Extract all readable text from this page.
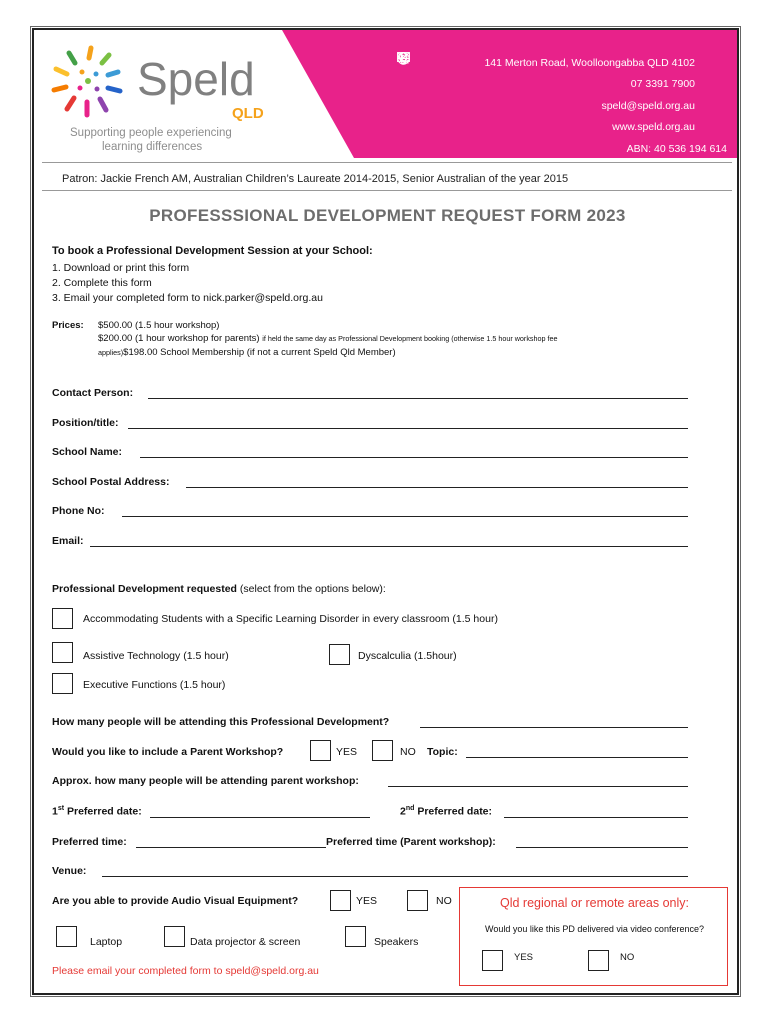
Speld
QLD
Supporting people experiencing
learning differences
141 Merton Road, Woolloongabba QLD 4102
07 3391 7900
speld@speld.org.au
www.speld.org.au
ABN: 40 536 194 614
Patron: Jackie French AM, Australian Children’s Laureate 2014-2015, Senior Australian of the year 2015
PROFESSSIONAL DEVELOPMENT REQUEST FORM 2023
To book a Professional Development Session at your School:
1. Download or print this form
2. Complete this form
3. Email your completed form to nick.parker@speld.org.au
Prices: $500.00 (1.5 hour workshop)
$200.00 (1 hour workshop for parents) if held the same day as Professional Development booking (otherwise 1.5 hour workshop fee
applies)$198.00 School Membership (if not a current Speld Qld Member)
Contact Person:
Position/title:
School Name:
School Postal Address:
Phone No:
Email:
Professional Development requested (select from the options below):
Accommodating Students with a Specific Learning Disorder in every classroom (1.5 hour)
Assistive Technology (1.5 hour)	Dyscalculia (1.5hour)
Executive Functions (1.5 hour)
How many people will be attending this Professional Development?
Would you like to include a Parent Workshop?	YES	NO Topic:
Approx. how many people will be attending parent workshop:
1st Preferred date:	2nd Preferred date:
Preferred time:	Preferred time (Parent workshop):
Venue:
Are you able to provide Audio Visual Equipment?	YES	NO
Laptop	Data projector & screen	Speakers
Please email your completed form to speld@speld.org.au
Qld regional or remote areas only:
Would you like this PD delivered via video conference?
YES	NO
